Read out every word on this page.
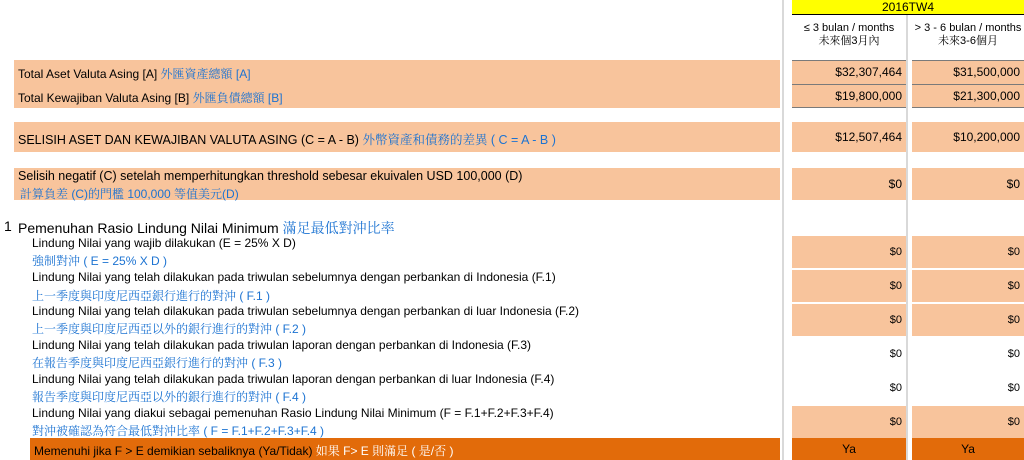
2016TW4
≤ 3 bulan / months
未來個3月內
> 3 - 6 bulan / months
未來3-6個月
Total Aset Valuta Asing [A] 外匯資產總額 [A]	$32,307,464	$31,500,000
Total Kewajiban Valuta Asing [B] 外匯負債總額 [B]	$19,800,000	$21,300,000
SELISIH ASET DAN KEWAJIBAN VALUTA ASING (C = A - B) 外幣資產和債務的差異 ( C = A - B )	$12,507,464	$10,200,000
Selisih negatif (C) setelah memperhitungkan threshold sebesar ekuivalen USD 100,000 (D)
計算負差 (C)的門檻 100,000 等值美元(D)
$0	$0
1 Pemenuhan Rasio Lindung Nilai Minimum 滿足最低對沖比率
Lindung Nilai yang wajib dilakukan (E = 25% X D)
強制對沖 ( E = 25% X D )
$0	$0
Lindung Nilai yang telah dilakukan pada triwulan sebelumnya dengan perbankan di Indonesia (F.1)
上一季度與印度尼西亞銀行進行的對沖 ( F.1 )
$0	$0
Lindung Nilai yang telah dilakukan pada triwulan sebelumnya dengan perbankan di luar Indonesia (F.2)
上一季度與印度尼西亞以外的銀行進行的對沖 ( F.2 )
$0	$0
Lindung Nilai yang telah dilakukan pada triwulan laporan dengan perbankan di Indonesia (F.3)
在報告季度與印度尼西亞銀行進行的對沖 ( F.3 )
$0	$0
Lindung Nilai yang telah dilakukan pada triwulan laporan dengan perbankan di luar Indonesia (F.4)
報告季度與印度尼西亞以外的銀行進行的對沖 ( F.4 )
$0	$0
Lindung Nilai yang diakui sebagai pemenuhan Rasio Lindung Nilai Minimum (F = F.1+F.2+F.3+F.4)
對沖被確認為符合最低對沖比率 ( F = F.1+F.2+F.3+F.4 )
$0	$0
Memenuhi jika F > E demikian sebaliknya (Ya/Tidak) 如果 F> E 則滿足 ( 是/否 )	Ya	Ya
